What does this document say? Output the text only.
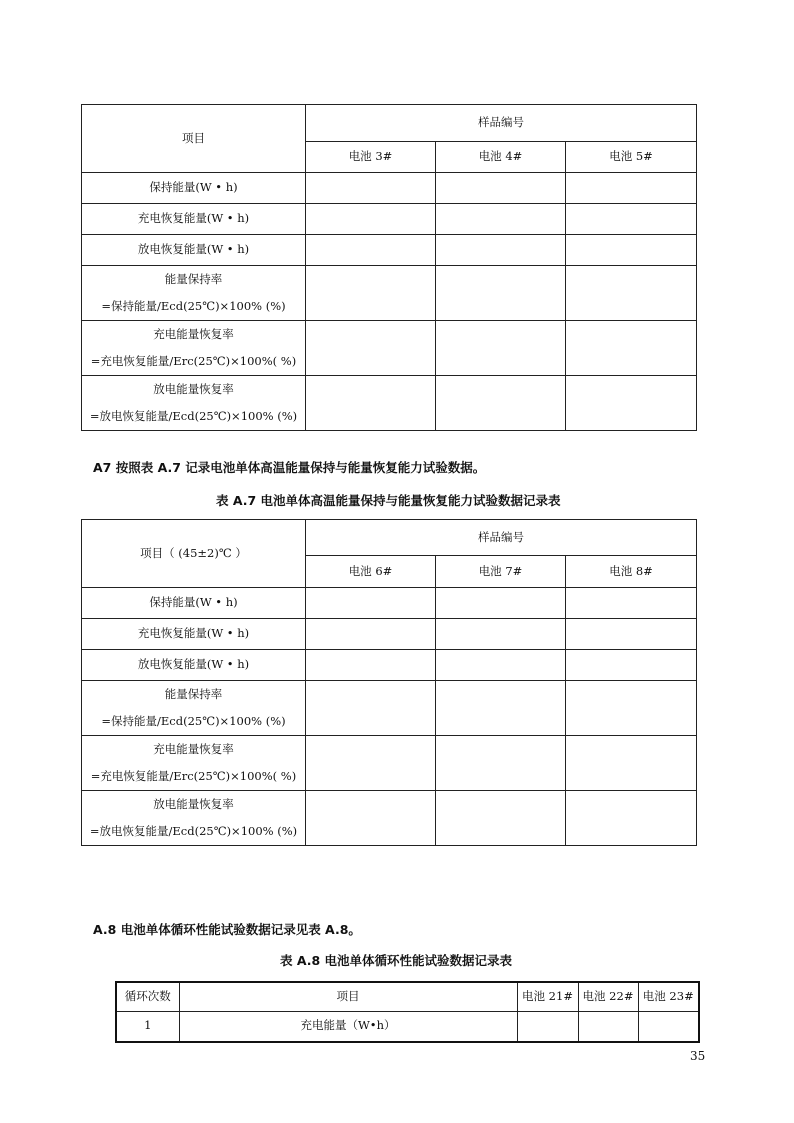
项目	样品编号		
	电池 3#	电池 4#	电池 5#
保持能量(W • h)			
充电恢复能量(W • h)			
放电恢复能量(W • h)			

能量保持率
=保持能量/Ecd(25℃)×100% (%)			

充电能量恢复率
=充电恢复能量/Erc(25℃)×100%( %)			

放电能量恢复率
=放电恢复能量/Ecd(25℃)×100% (%)			

A7 按照表 A.7 记录电池单体高温能量保持与能量恢复能力试验数据。
表 A.7 电池单体高温能量保持与能量恢复能力试验数据记录表
项目（ (45±2)℃ ）	样品编号		
	电池 6#	电池 7#	电池 8#
保持能量(W • h)			
充电恢复能量(W • h)			
放电恢复能量(W • h)			

能量保持率
=保持能量/Ecd(25℃)×100% (%)			

充电能量恢复率
=充电恢复能量/Erc(25℃)×100%( %)			

放电能量恢复率
=放电恢复能量/Ecd(25℃)×100% (%)			

A.8 电池单体循环性能试验数据记录见表 A.8。
表 A.8 电池单体循环性能试验数据记录表
循环次数	项目	电池 21#	电池 22#	电池 23#
1	充电能量（W•h）			
35
